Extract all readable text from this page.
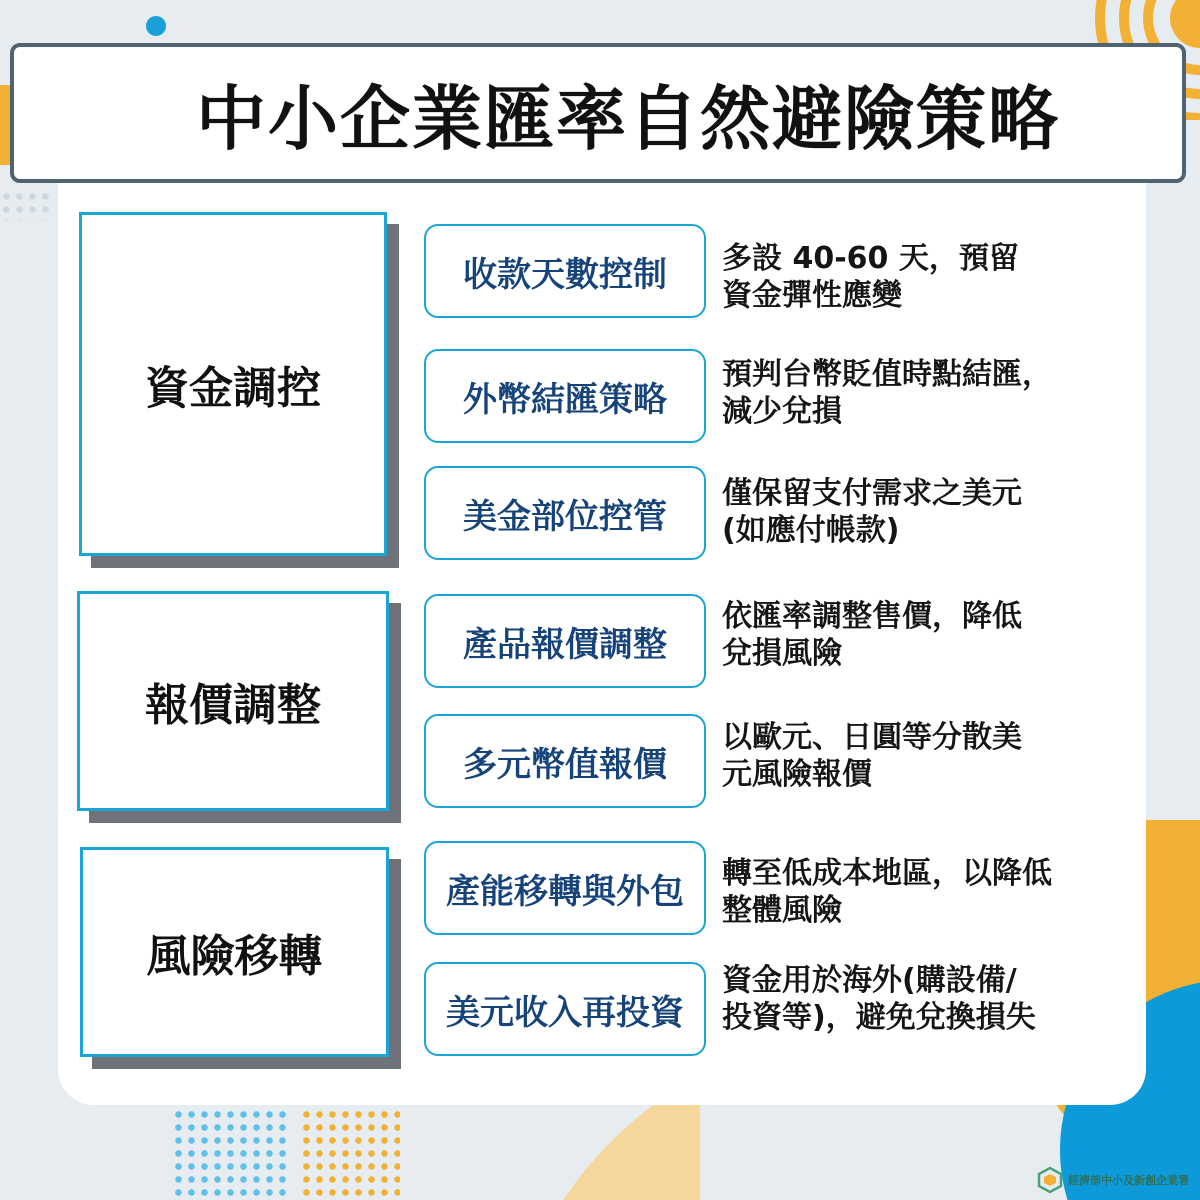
中小企業匯率自然避險策略
資金調控
報價調整
風險移轉
收款天數控制 多設 40-60 天，預留
資金彈性應變
外幣結匯策略
預判台幣貶值時點結匯，
減少兌損
美金部位控管
僅保留支付需求之美元
(如應付帳款)
產品報價調整
依匯率調整售價，降低
兌損風險
多元幣值報價
以歐元、日圓等分散美
元風險報價
產能移轉與外包 轉至低成本地區，以降低
整體風險
美元收入再投資
資金用於海外(購設備/
投資等)，避免兌換損失
經濟部中小及新創企業署
